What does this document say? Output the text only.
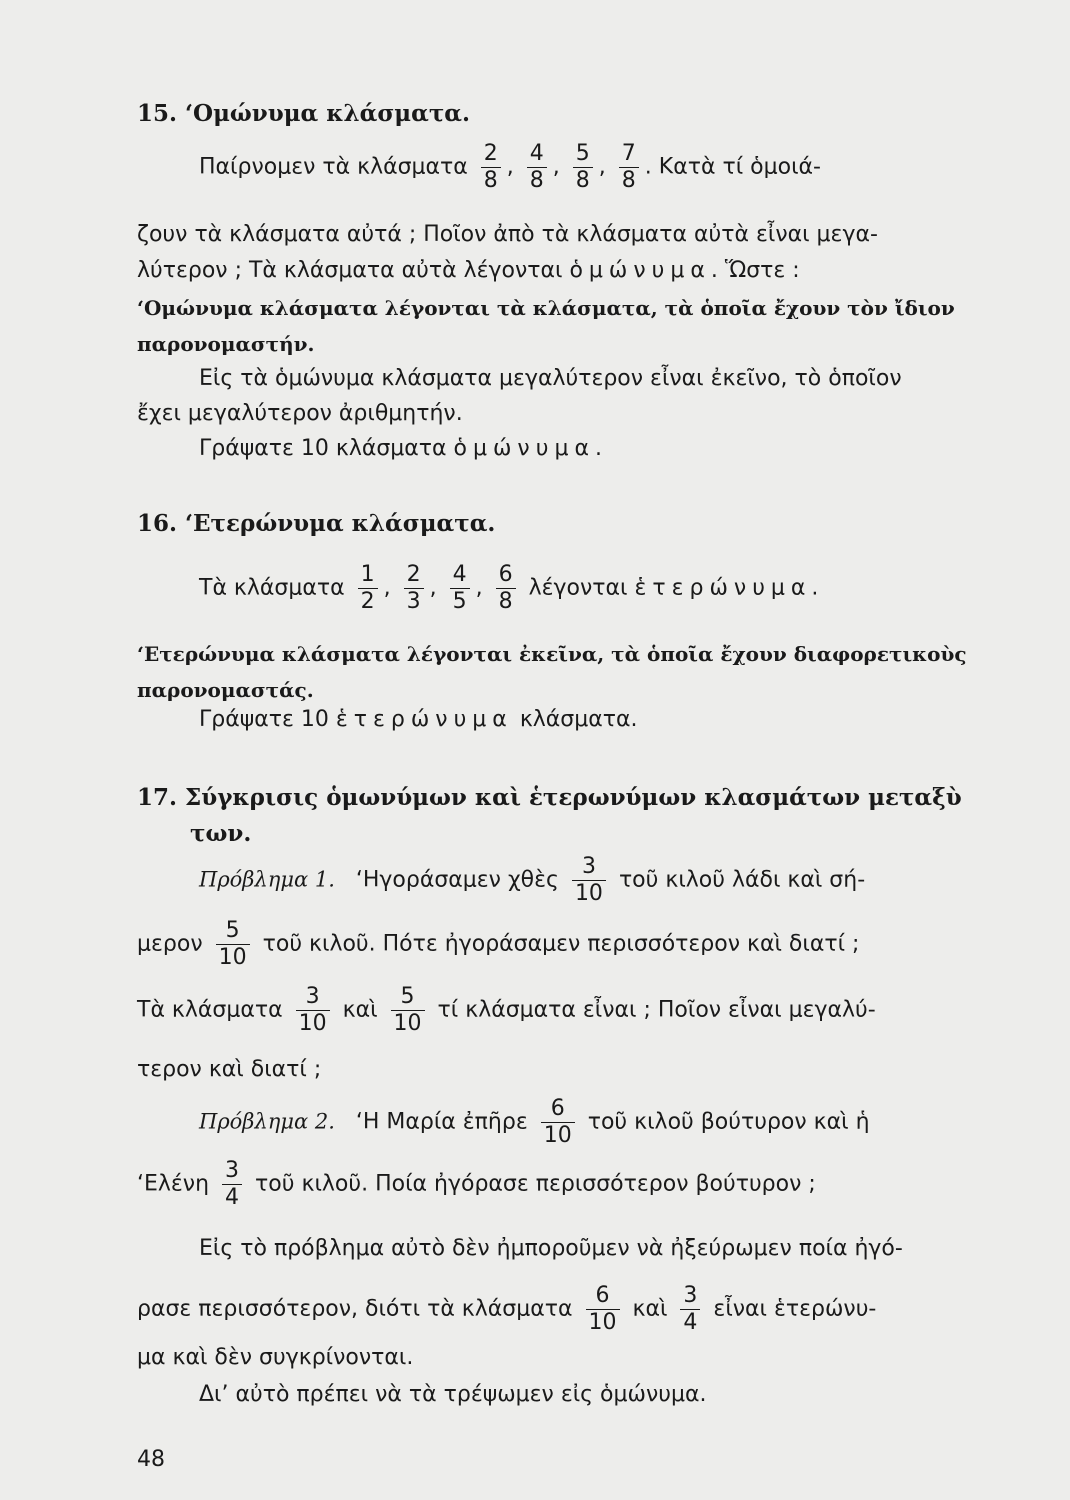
15. ‘Ομώνυμα κλάσματα.
Παίρνομεν τὰ κλάσματα $\frac{2}{8}$ , $\frac{4}{8}$ , $\frac{5}{8}$ , $\frac{7}{8}$ . Κατὰ τί ὁμοιά-
ζουν τὰ κλάσματα αὐτά ; Ποῖον ἀπὸ τὰ κλάσματα αὐτὰ εἶναι μεγα-
λύτερον ; Τὰ κλάσματα αὐτὰ λέγονται ὁμώνυμα. Ὥστε :
‘Ομώνυμα κλάσματα λέγονται τὰ κλάσματα, τὰ ὁποῖα ἔχουν τὸν ἴδιον
παρονομαστήν.
Εἰς τὰ ὁμώνυμα κλάσματα μεγαλύτερον εἶναι ἐκεῖνο, τὸ ὁποῖον
ἔχει μεγαλύτερον ἀριθμητήν.
Γράψατε 10 κλάσματα ὁμώνυμα.
16. ‘Ετερώνυμα κλάσματα.
Τὰ κλάσματα $\frac{1}{2}$ , $\frac{2}{3}$ , $\frac{4}{5}$ , $\frac{6}{8}$ λέγονται ἑτερώνυμα.
‘Ετερώνυμα κλάσματα λέγονται ἐκεῖνα, τὰ ὁποῖα ἔχουν διαφορετικοὺς
παρονομαστάς.
Γράψατε 10 ἑτερώνυμα κλάσματα.
17. Σύγκρισις ὁμωνύμων καὶ ἑτερωνύμων κλασμάτων μεταξὺ
των.
Πρόβλημα 1. ‘Ηγοράσαμεν χθὲς $\frac{3}{10}$ τοῦ κιλοῦ λάδι καὶ σή-
μερον $\frac{5}{10}$ τοῦ κιλοῦ. Πότε ἠγοράσαμεν περισσότερον καὶ διατί ;
Τὰ κλάσματα $\frac{3}{10}$ καὶ $\frac{5}{10}$ τί κλάσματα εἶναι ; Ποῖον εἶναι μεγαλύ-
τερον καὶ διατί ;
Πρόβλημα 2. ‘Η Μαρία ἐπῆρε $\frac{6}{10}$ τοῦ κιλοῦ βούτυρον καὶ ἡ
‘$E\lambda έ\nu\eta \frac{3}{4}$ τοῦ κιλοῦ. Ποία ἠγόρασε περισσότερον βούτυρον ;
Εἰς τὸ πρόβλημα αὐτὸ δὲν ἠμποροῦμεν νὰ ἠξεύρωμεν ποία ἠγό-
ρασε περισσότερον, διότι τὰ κλάσματα $\frac{6}{10}$ καὶ $\frac{3}{4}$ εἶναι ἑτερώνυ-
μα καὶ δὲν συγκρίνονται.
Δι’ αὐτὸ πρέπει νὰ τὰ τρέψωμεν εἰς ὁμώνυμα.
48
